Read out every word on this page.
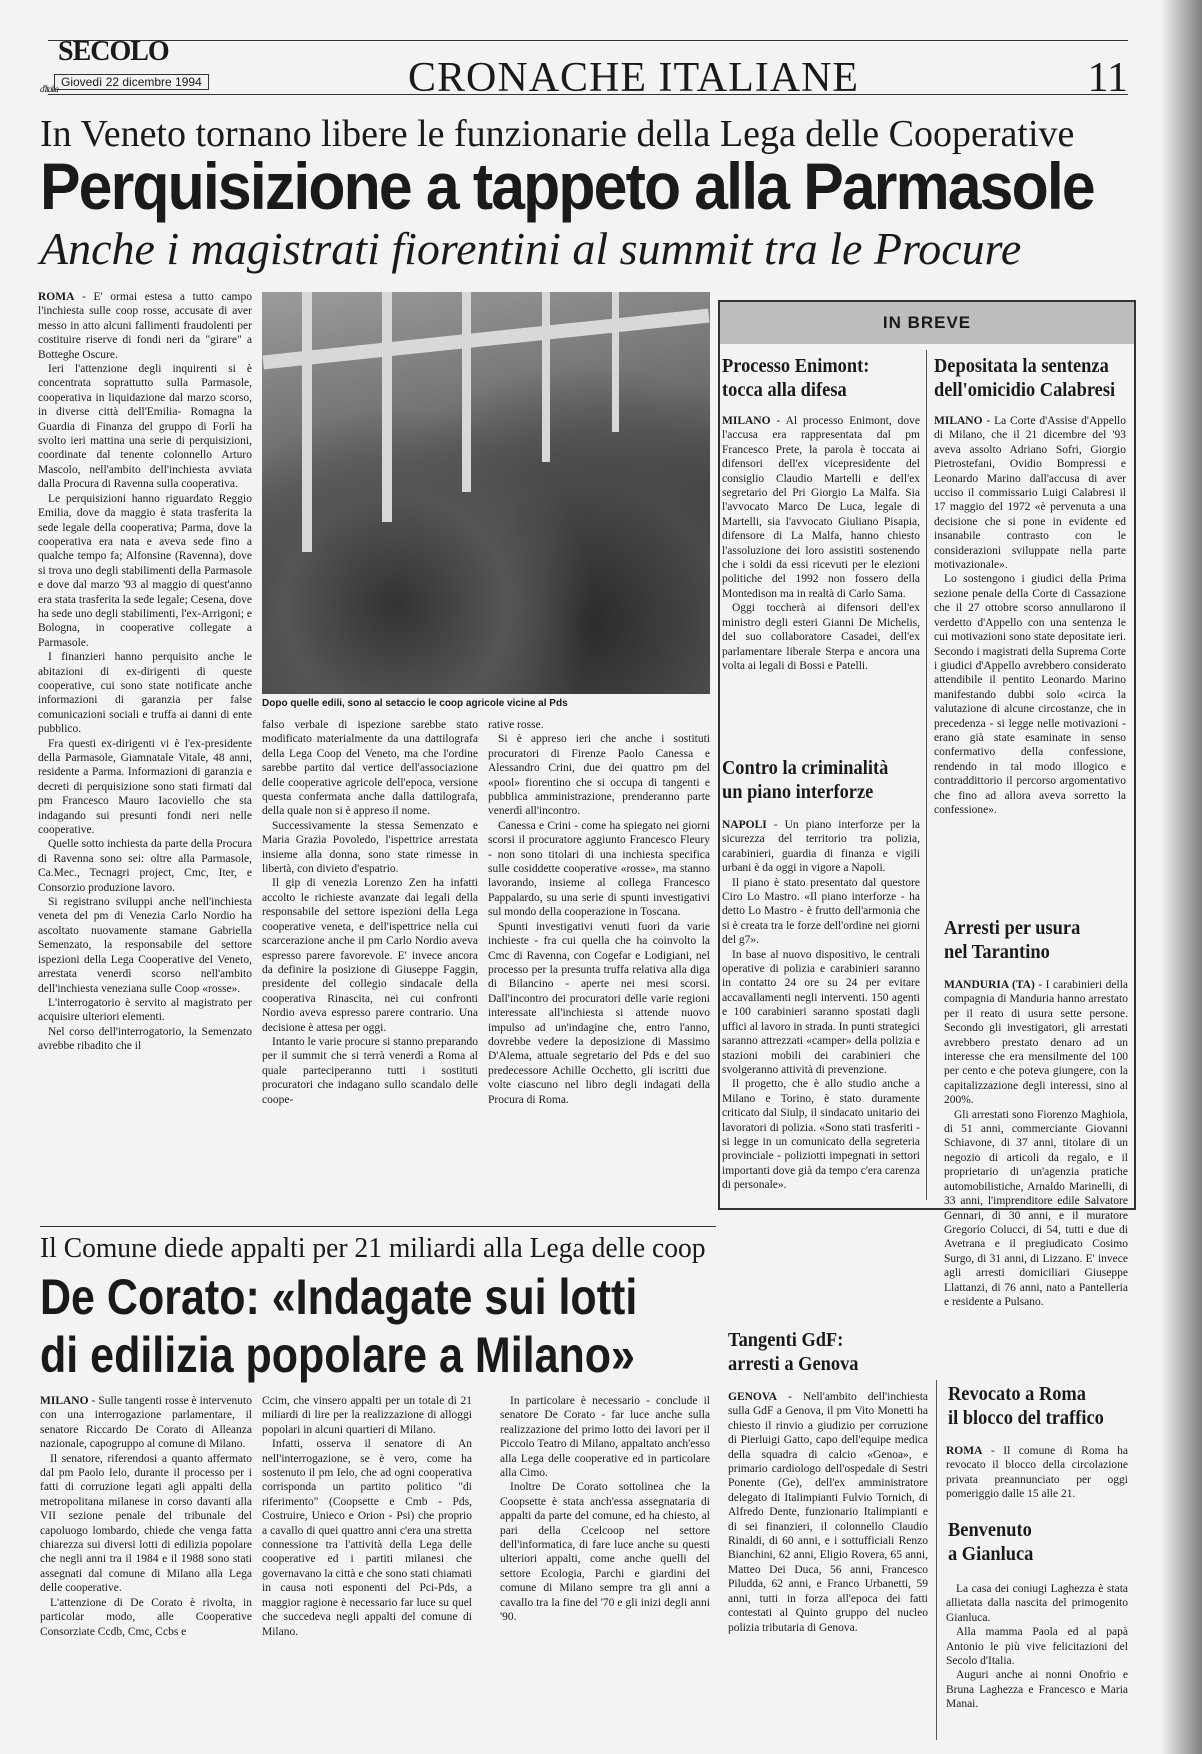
SECOLO
d'Italia Giovedì 22 dicembre 1994	CRONACHE ITALIANE	11
In Veneto tornano libere le funzionarie della Lega delle Cooperative
Perquisizione a tappeto alla Parmasole
Anche i magistrati fiorentini al summit tra le Procure

ROMA - E' ormai estesa a tutto campo l'inchiesta sulle coop rosse, accusate di aver messo in atto alcuni fallimenti fraudolenti per costituire riserve di fondi neri da "girare" a Botteghe Oscure.

Ieri l'attenzione degli inquirenti si è concentrata soprattutto sulla Parmasole, cooperativa in liquidazione dal marzo scorso, in diverse città dell'Emilia- Romagna la Guardia di Finanza del gruppo di Forlì ha svolto ieri mattina una serie di perquisizioni, coordinate dal tenente colonnello Arturo Mascolo, nell'ambito dell'inchiesta avviata dalla Procura di Ravenna sulla cooperativa.

Le perquisizioni hanno riguardato Reggio Emilia, dove da maggio è stata trasferita la sede legale della cooperativa; Parma, dove la cooperativa era nata e aveva sede fino a qualche tempo fa; Alfonsine (Ravenna), dove si trova uno degli stabilimenti della Parmasole e dove dal marzo '93 al maggio di quest'anno era stata trasferita la sede legale; Cesena, dove ha sede uno degli stabilimenti, l'ex-Arrigoni; e Bologna, in cooperative collegate a Parmasole.

I finanzieri hanno perquisito anche le abitazioni di ex-dirigenti di queste cooperative, cui sono state notificate anche informazioni di garanzia per false comunicazioni sociali e truffa ai danni di ente pubblico.

Fra questi ex-dirigenti vi è l'ex-presidente della Parmasole, Giamnatale Vitale, 48 anni, residente a Parma. Informazioni di garanzia e decreti di perquisizione sono stati firmati dal pm Francesco Mauro Iacoviello che sta indagando sui presunti fondi neri nelle cooperative.

Quelle sotto inchiesta da parte della Procura di Ravenna sono sei: oltre alla Parmasole, Ca.Mec., Tecnagri project, Cmc, Iter, e Consorzio produzione lavoro.

Si registrano sviluppi anche nell'inchiesta veneta del pm di Venezia Carlo Nordio ha ascoltato nuovamente stamane Gabriella Semenzato, la responsabile del settore ispezioni della Lega Cooperative del Veneto, arrestata venerdì scorso nell'ambito dell'inchiesta veneziana sulle Coop «rosse».

L'interrogatorio è servito al magistrato per acquisire ulteriori elementi.

Nel corso dell'interrogatorio, la Semenzato avrebbe ribadito che il

Dopo quelle edili, sono al setaccio le coop agricole vicine al Pds

falso verbale di ispezione sarebbe stato modificato materialmente da una dattilografa della Lega Coop del Veneto, ma che l'ordine sarebbe partito dal vertice dell'associazione delle cooperative agricole dell'epoca, versione questa confermata anche dalla dattilografa, della quale non si è appreso il nome.

Successivamente la stessa Semenzato e Maria Grazia Povoledo, l'ispettrice arrestata insieme alla donna, sono state rimesse in libertà, con divieto d'espatrio.

Il gip di venezia Lorenzo Zen ha infatti accolto le richieste avanzate dai legali della responsabile del settore ispezioni della Lega cooperative veneta, e dell'ispettrice nella cui scarcerazione anche il pm Carlo Nordio aveva espresso parere favorevole. E' invece ancora da definire la posizione di Giuseppe Faggin, presidente del collegio sindacale della cooperativa Rinascita, nei cui confronti Nordio aveva espresso parere contrario. Una decisione è attesa per oggi.

Intanto le varie procure si stanno preparando per il summit che si terrà venerdì a Roma al quale parteciperanno tutti i sostituti procuratori che indagano sullo scandalo delle coope-

rative rosse.

Si è appreso ieri che anche i sostituti procuratori di Firenze Paolo Canessa e Alessandro Crini, due dei quattro pm del «pool» fiorentino che si occupa di tangenti e pubblica amministrazione, prenderanno parte venerdì all'incontro.

Canessa e Crini - come ha spiegato nei giorni scorsi il procuratore aggiunto Francesco Fleury - non sono titolari di una inchiesta specifica sulle cosiddette cooperative «rosse», ma stanno lavorando, insieme al collega Francesco Pappalardo, su una serie di spunti investigativi sul mondo della cooperazione in Toscana.

Spunti investigativi venuti fuori da varie inchieste - fra cui quella che ha coinvolto la Cmc di Ravenna, con Cogefar e Lodigiani, nel processo per la presunta truffa relativa alla diga di Bilancino - aperte nei mesi scorsi. Dall'incontro dei procuratori delle varie regioni interessate all'inchiesta si attende nuovo impulso ad un'indagine che, entro l'anno, dovrebbe vedere la deposizione di Massimo D'Alema, attuale segretario del Pds e del suo predecessore Achille Occhetto, gli iscritti due volte ciascuno nel libro degli indagati della Procura di Roma.

IN BREVE
Processo Enimont:
tocca alla difesa

MILANO - Al processo Enimont, dove l'accusa era rappresentata dal pm Francesco Prete, la parola è toccata ai difensori dell'ex vicepresidente del consiglio Claudio Martelli e dell'ex segretario del Pri Giorgio La Malfa. Sia l'avvocato Marco De Luca, legale di Martelli, sia l'avvocato Giuliano Pisapia, difensore di La Malfa, hanno chiesto l'assoluzione dei loro assistiti sostenendo che i soldi da essi ricevuti per le elezioni politiche del 1992 non fossero della Montedison ma in realtà di Carlo Sama.

Oggi toccherà ai difensori dell'ex ministro degli esteri Gianni De Michelis, del suo collaboratore Casadei, dell'ex parlamentare liberale Sterpa e ancora una volta ai legali di Bossi e Patelli.

Contro la criminalità
un piano interforze

NAPOLI - Un piano interforze per la sicurezza del territorio tra polizia, carabinieri, guardia di finanza e vigili urbani è da oggi in vigore a Napoli.

Il piano è stato presentato dal questore Ciro Lo Mastro. «Il piano interforze - ha detto Lo Mastro - è frutto dell'armonia che si è creata tra le forze dell'ordine nei giorni del g7».

In base al nuovo dispositivo, le centrali operative di polizia e carabinieri saranno in contatto 24 ore su 24 per evitare accavallamenti negli interventi. 150 agenti e 100 carabinieri saranno spostati dagli uffici al lavoro in strada. In punti strategici saranno attrezzati «camper» della polizia e stazioni mobili dei carabinieri che svolgeranno attività di prevenzione.

Il progetto, che è allo studio anche a Milano e Torino, è stato duramente criticato dal Siulp, il sindacato unitario dei lavoratori di polizia. «Sono stati trasferiti - si legge in un comunicato della segreteria provinciale - poliziotti impegnati in settori importanti dove già da tempo c'era carenza di personale».

Depositata la sentenza
dell'omicidio Calabresi

MILANO - La Corte d'Assise d'Appello di Milano, che il 21 dicembre del '93 aveva assolto Adriano Sofri, Giorgio Pietrostefani, Ovidio Bompressi e Leonardo Marino dall'accusa di aver ucciso il commissario Luigi Calabresi il 17 maggio del 1972 «è pervenuta a una decisione che si pone in evidente ed insanabile contrasto con le considerazioni sviluppate nella parte motivazionale».

Lo sostengono i giudici della Prima sezione penale della Corte di Cassazione che il 27 ottobre scorso annullarono il verdetto d'Appello con una sentenza le cui motivazioni sono state depositate ieri. Secondo i magistrati della Suprema Corte i giudici d'Appello avrebbero considerato attendibile il pentito Leonardo Marino manifestando dubbi solo «circa la valutazione di alcune circostanze, che in precedenza - si legge nelle motivazioni - erano già state esaminate in senso confermativo della confessione, rendendo in tal modo illogico e contraddittorio il percorso argomentativo che fino ad allora aveva sorretto la confessione».

Arresti per usura
nel Tarantino

MANDURIA (TA) - I carabinieri della compagnia di Manduria hanno arrestato per il reato di usura sette persone. Secondo gli investigatori, gli arrestati avrebbero prestato denaro ad un interesse che era mensilmente del 100 per cento e che poteva giungere, con la capitalizzazione degli interessi, sino al 200%.

Gli arrestati sono Fiorenzo Maghiola, di 51 anni, commerciante Giovanni Schiavone, di 37 anni, titolare di un negozio di articoli da regalo, e il proprietario di un'agenzia pratiche automobilistiche, Arnaldo Marinelli, di 33 anni, l'imprenditore edile Salvatore Gennari, di 30 anni, e il muratore Gregorio Colucci, di 54, tutti e due di Avetrana e il pregiudicato Cosimo Surgo, di 31 anni, di Lizzano. E' invece agli arresti domiciliari Giuseppe Llattanzi, di 76 anni, nato a Pantelleria e residente a Pulsano.

Tangenti GdF:
arresti a Genova

GENOVA - Nell'ambito dell'inchiesta sulla GdF a Genova, il pm Vito Monetti ha chiesto il rinvio a giudizio per corruzione di Pierluigi Gatto, capo dell'equipe medica della squadra di calcio «Genoa», e primario cardiologo dell'ospedale di Sestri Ponente (Ge), dell'ex amministratore delegato di Italimpianti Fulvio Tornich, di Alfredo Dente, funzionario Italimpianti e di sei finanzieri, il colonnello Claudio Rinaldi, di 60 anni, e i sottufficiali Renzo Bianchini, 62 anni, Eligio Rovera, 65 anni, Matteo Dei Duca, 56 anni, Francesco Piludda, 62 anni, e Franco Urbanetti, 59 anni, tutti in forza all'epoca dei fatti contestati al Quinto gruppo del nucleo polizia tributaria di Genova.

Revocato a Roma
il blocco del traffico

ROMA - Il comune di Roma ha revocato il blocco della circolazione privata preannunciato per oggi pomeriggio dalle 15 alle 21.

Benvenuto
a Gianluca

La casa dei coniugi Laghezza è stata allietata dalla nascita del primogenito Gianluca.

Alla mamma Paola ed al papà Antonio le più vive felicitazioni del Secolo d'Italia.

Auguri anche ai nonni Onofrio e Bruna Laghezza e Francesco e Maria Manai.

Il Comune diede appalti per 21 miliardi alla Lega delle coop
De Corato: «Indagate sui lotti
di edilizia popolare a Milano»

MILANO - Sulle tangenti rosse è intervenuto con una interrogazione parlamentare, il senatore Riccardo De Corato di Alleanza nazionale, capogruppo al comune di Milano.

Il senatore, riferendosi a quanto affermato dal pm Paolo Ielo, durante il processo per i fatti di corruzione legati agli appalti della metropolitana milanese in corso davanti alla VII sezione penale del tribunale del capoluogo lombardo, chiede che venga fatta chiarezza sui diversi lotti di edilizia popolare che negli anni tra il 1984 e il 1988 sono stati assegnati dal comune di Milano alla Lega delle cooperative.

L'attenzione di De Corato è rivolta, in particolar modo, alle Cooperative Consorziate Ccdb, Cmc, Ccbs e

Ccim, che vinsero appalti per un totale di 21 miliardi di lire per la realizzazione di alloggi popolari in alcuni quartieri di Milano.

Infatti, osserva il senatore di An nell'interrogazione, se è vero, come ha sostenuto il pm Ielo, che ad ogni cooperativa corrisponda un partito politico "di riferimento" (Coopsette e Cmb - Pds, Costruire, Unieco e Orion - Psi) che proprio a cavallo di quei quattro anni c'era una stretta connessione tra l'attività della Lega delle cooperative ed i partiti milanesi che governavano la città e che sono stati chiamati in causa noti esponenti del Pci-Pds, a maggior ragione è necessario far luce su quel che succedeva negli appalti del comune di Milano.

In particolare è necessario - conclude il senatore De Corato - far luce anche sulla realizzazione del primo lotto dei lavori per il Piccolo Teatro di Milano, appaltato anch'esso alla Lega delle cooperative ed in particolare alla Cimo.

Inoltre De Corato sottolinea che la Coopsette è stata anch'essa assegnataria di appalti da parte del comune, ed ha chiesto, al pari della Ccelcoop nel settore dell'informatica, di fare luce anche su questi ulteriori appalti, come anche quelli del settore Ecologia, Parchi e giardini del comune di Milano sempre tra gli anni a cavallo tra la fine del '70 e gli inizi degli anni '90.
